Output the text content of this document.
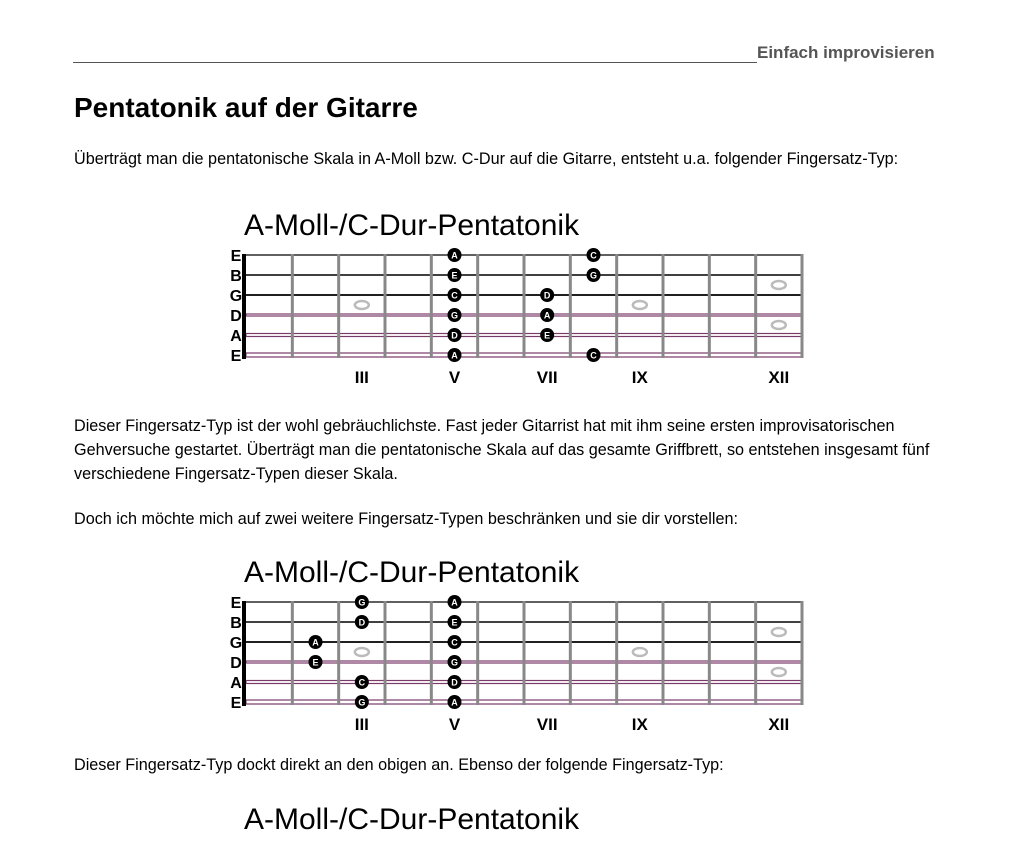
Einfach improvisieren
Pentatonik auf der Gitarre

Überträgt man die pentatonische Skala in A-Moll bzw. C-Dur auf die Gitarre, entsteht u.a. folgender Fingersatz-Typ:

A-Moll-/C-Dur-Pentatonik
E
B
G
D
A
E
III	V	VII	IX	XII
A	C
E	G
C	D
G	A
D	E
A	C

Dieser Fingersatz-Typ ist der wohl gebräuchlichste. Fast jeder Gitarrist hat mit ihm seine ersten improvisatorischen Gehversuche gestartet. Überträgt man die pentatonische Skala auf das gesamte Griffbrett, so entstehen insgesamt fünf verschiedene Fingersatz-Typen dieser Skala.

Doch ich möchte mich auf zwei weitere Fingersatz-Typen beschränken und sie dir vorstellen:

A-Moll-/C-Dur-Pentatonik
E
B
G
D
A
E
III	V	VII	IX	XII
G	A
D	E
A	C
E	G
C	D
G	A

Dieser Fingersatz-Typ dockt direkt an den obigen an. Ebenso der folgende Fingersatz-Typ:

A-Moll-/C-Dur-Pentatonik
